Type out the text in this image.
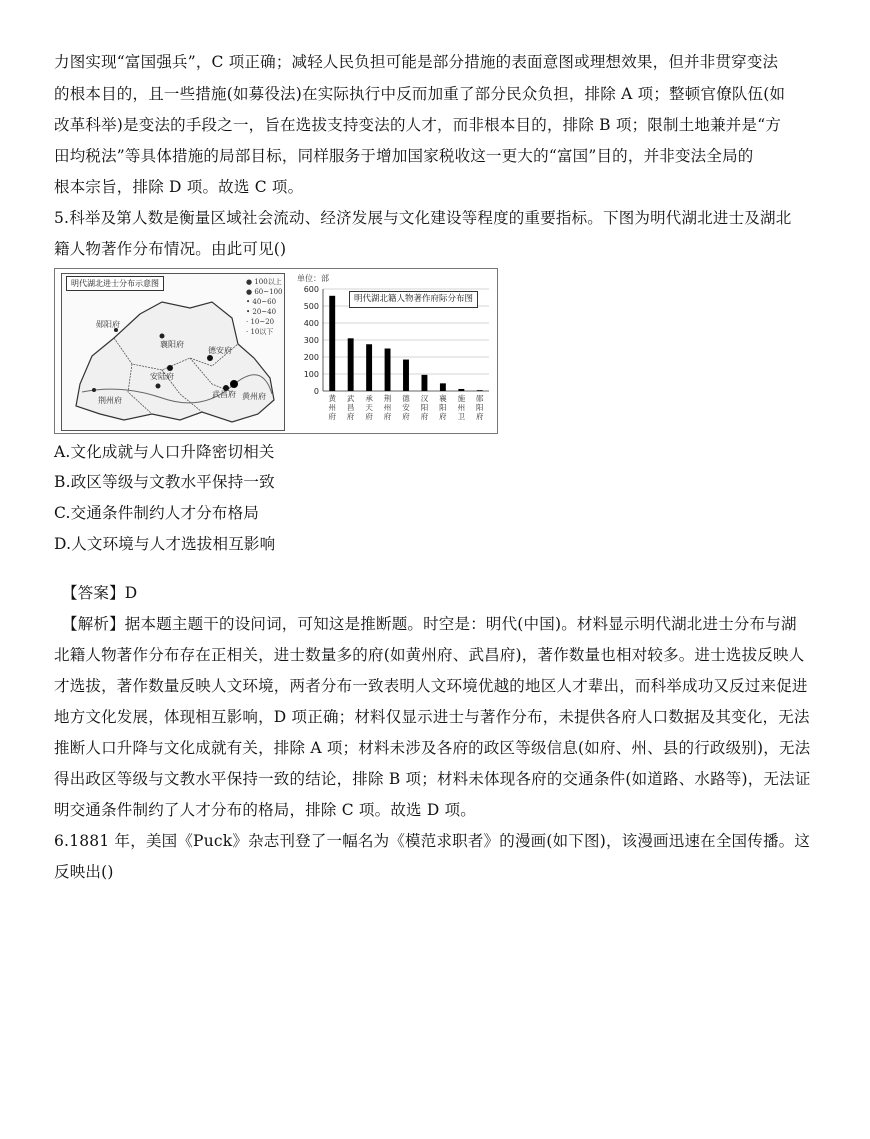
力图实现“富国强兵”，C 项正确；减轻人民负担可能是部分措施的表面意图或理想效果，但并非贯穿变法
的根本目的，且一些措施(如募役法)在实际执行中反而加重了部分民众负担，排除 A 项；整顿官僚队伍(如
改革科举)是变法的手段之一，旨在选拔支持变法的人才，而非根本目的，排除 B 项；限制土地兼并是“方
田均税法”等具体措施的局部目标，同样服务于增加国家税收这一更大的“富国”目的，并非变法全局的
根本宗旨，排除 D 项。故选 C 项。
5.科举及第人数是衡量区域社会流动、经济发展与文化建设等程度的重要指标。下图为明代湖北进士及湖北
籍人物著作分布情况。由此可见()
明代湖北进士分布示意图	● 100以上
● 60~100
• 40~60
• 20~40
· 10~20
· 10以下
郧阳府
襄阳府
安陆府
德安府
荆州府
武昌府 黄州府
单位：部
0
100
200
300
400
500
600
黄州府
武昌府
承天府
荆州府
德安府
汉阳府
襄阳府
施州卫
郧阳府
明代湖北籍人物著作府际分布图
A.文化成就与人口升降密切相关
B.政区等级与文教水平保持一致
C.交通条件制约人才分布格局
D.人文环境与人才选拔相互影响
【答案】D
【解析】据本题主题干的设问词，可知这是推断题。时空是：明代(中国)。材料显示明代湖北进士分布与湖
北籍人物著作分布存在正相关，进士数量多的府(如黄州府、武昌府)，著作数量也相对较多。进士选拔反映人
才选拔，著作数量反映人文环境，两者分布一致表明人文环境优越的地区人才辈出，而科举成功又反过来促进
地方文化发展，体现相互影响，D 项正确；材料仅显示进士与著作分布，未提供各府人口数据及其变化，无法
推断人口升降与文化成就有关，排除 A 项；材料未涉及各府的政区等级信息(如府、州、县的行政级别)，无法
得出政区等级与文教水平保持一致的结论，排除 B 项；材料未体现各府的交通条件(如道路、水路等)，无法证
明交通条件制约了人才分布的格局，排除 C 项。故选 D 项。
6.1881 年，美国《Puck》杂志刊登了一幅名为《模范求职者》的漫画(如下图)，该漫画迅速在全国传播。这
反映出()
